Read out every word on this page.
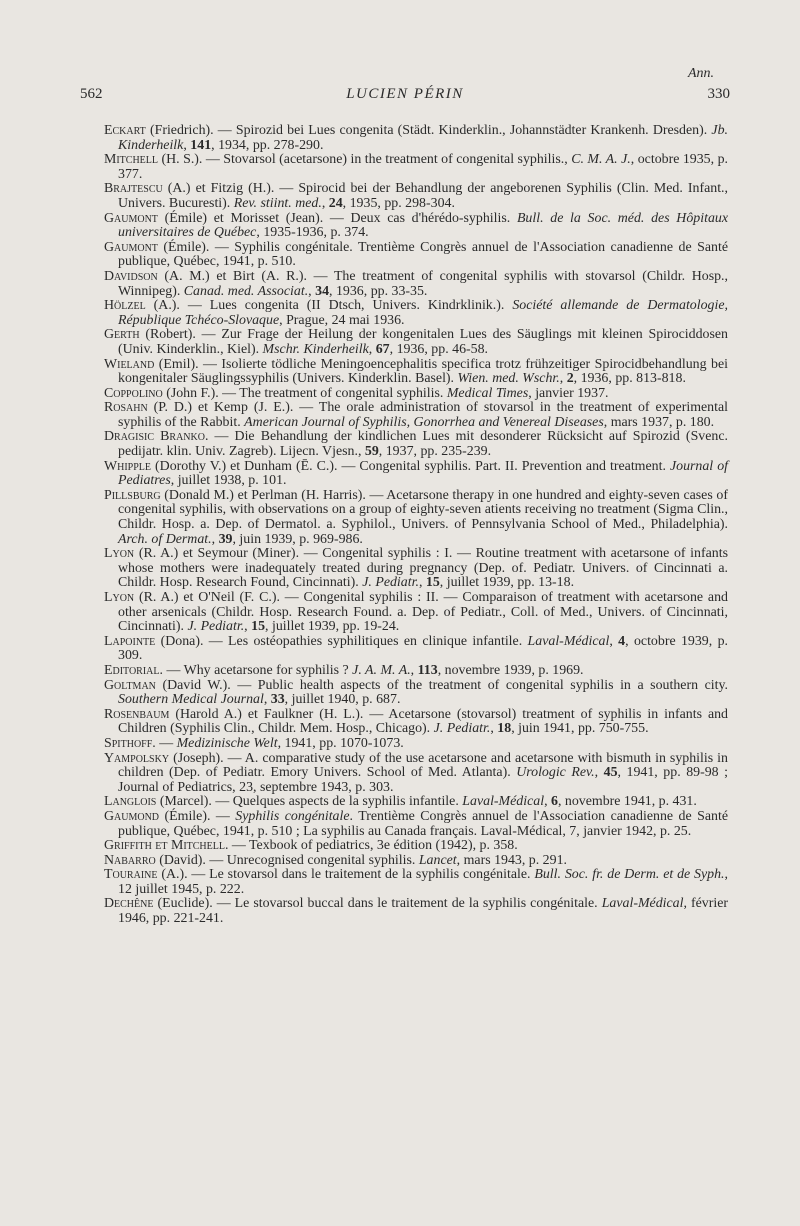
Ann.
562	LUCIEN PÉRIN	330

Eckart (Friedrich). — Spirozid bei Lues congenita (Städt. Kinderklin., Johannstädter Krankenh. Dresden). Jb. Kinderheilk, 141, 1934, pp. 278-290.

Mitchell (H. S.). — Stovarsol (acetarsone) in the treatment of congenital syphilis., C. M. A. J., octobre 1935, p. 377.

Brajtescu (A.) et Fitzig (H.). — Spirocid bei der Behandlung der angeborenen Syphilis (Clin. Med. Infant., Univers. Bucuresti). Rev. stiint. med., 24, 1935, pp. 298-304.

Gaumont (Émile) et Morisset (Jean). — Deux cas d'hérédo-syphilis. Bull. de la Soc. méd. des Hôpitaux universitaires de Québec, 1935-1936, p. 374.

Gaumont (Émile). — Syphilis congénitale. Trentième Congrès annuel de l'Association canadienne de Santé publique, Québec, 1941, p. 510.

Davidson (A. M.) et Birt (A. R.). — The treatment of congenital syphilis with stovarsol (Childr. Hosp., Winnipeg). Canad. med. Associat., 34, 1936, pp. 33-35.

Hölzel (A.). — Lues congenita (II Dtsch, Univers. Kindrklinik.). Société allemande de Dermatologie, République Tchéco-Slovaque, Prague, 24 mai 1936.

Gerth (Robert). — Zur Frage der Heilung der kongenitalen Lues des Säuglings mit kleinen Spirociddosen (Univ. Kinderklin., Kiel). Mschr. Kinderheilk, 67, 1936, pp. 46-58.

Wieland (Emil). — Isolierte tödliche Meningoencephalitis specifica trotz frühzeitiger Spirocidbehandlung bei kongenitaler Säuglingssyphilis (Univers. Kinderklin. Basel). Wien. med. Wschr., 2, 1936, pp. 813-818.

Coppolino (John F.). — The treatment of congenital syphilis. Medical Times, janvier 1937.

Rosahn (P. D.) et Kemp (J. E.). — The orale administration of stovarsol in the treatment of experimental syphilis of the Rabbit. American Journal of Syphilis, Gonorrhea and Venereal Diseases, mars 1937, p. 180.

Dragisic Branko. — Die Behandlung der kindlichen Lues mit desonderer Rücksicht auf Spirozid (Svenc. pedijatr. klin. Univ. Zagreb). Lijecn. Vjesn., 59, 1937, pp. 235-239.

Whipple (Dorothy V.) et Dunham (Ē. C.). — Congenital syphilis. Part. II. Prevention and treatment. Journal of Pediatres, juillet 1938, p. 101.

Pillsburg (Donald M.) et Perlman (H. Harris). — Acetarsone therapy in one hundred and eighty-seven cases of congenital syphilis, with observations on a group of eighty-seven atients receiving no treatment (Sigma Clin., Childr. Hosp. a. Dep. of Dermatol. a. Syphilol., Univers. of Pennsylvania School of Med., Philadelphia). Arch. of Dermat., 39, juin 1939, p. 969-986.

Lyon (R. A.) et Seymour (Miner). — Congenital syphilis : I. — Routine treatment with acetarsone of infants whose mothers were inadequately treated during pregnancy (Dep. of. Pediatr. Univers. of Cincinnati a. Childr. Hosp. Research Found, Cincinnati). J. Pediatr., 15, juillet 1939, pp. 13-18.

Lyon (R. A.) et O'Neil (F. C.). — Congenital syphilis : II. — Comparaison of treatment with acetarsone and other arsenicals (Childr. Hosp. Research Found. a. Dep. of Pediatr., Coll. of Med., Univers. of Cincinnati, Cincinnati). J. Pediatr., 15, juillet 1939, pp. 19-24.

Lapointe (Dona). — Les ostéopathies syphilitiques en clinique infantile. Laval-Médical, 4, octobre 1939, p. 309.

Editorial. — Why acetarsone for syphilis ? J. A. M. A., 113, novembre 1939, p. 1969.

Goltman (David W.). — Public health aspects of the treatment of congenital syphilis in a southern city. Southern Medical Journal, 33, juillet 1940, p. 687.

Rosenbaum (Harold A.) et Faulkner (H. L.). — Acetarsone (stovarsol) treatment of syphilis in infants and Children (Syphilis Clin., Childr. Mem. Hosp., Chicago). J. Pediatr., 18, juin 1941, pp. 750-755.

Spithoff. — Medizinische Welt, 1941, pp. 1070-1073.

Yampolsky (Joseph). — A. comparative study of the use acetarsone and acetarsone with bismuth in syphilis in children (Dep. of Pediatr. Emory Univers. School of Med. Atlanta). Urologic Rev., 45, 1941, pp. 89-98 ; Journal of Pediatrics, 23, septembre 1943, p. 303.

Langlois (Marcel). — Quelques aspects de la syphilis infantile. Laval-Médical, 6, novembre 1941, p. 431.

Gaumond (Émile). — Syphilis congénitale. Trentième Congrès annuel de l'Association canadienne de Santé publique, Québec, 1941, p. 510 ; La syphilis au Canada français. Laval-Médical, 7, janvier 1942, p. 25.

Griffith et Mitchell. — Texbook of pediatrics, 3e édition (1942), p. 358.

Nabarro (David). — Unrecognised congenital syphilis. Lancet, mars 1943, p. 291.

Touraine (A.). — Le stovarsol dans le traitement de la syphilis congénitale. Bull. Soc. fr. de Derm. et de Syph., 12 juillet 1945, p. 222.

Dechêne (Euclide). — Le stovarsol buccal dans le traitement de la syphilis congénitale. Laval-Médical, février 1946, pp. 221-241.
